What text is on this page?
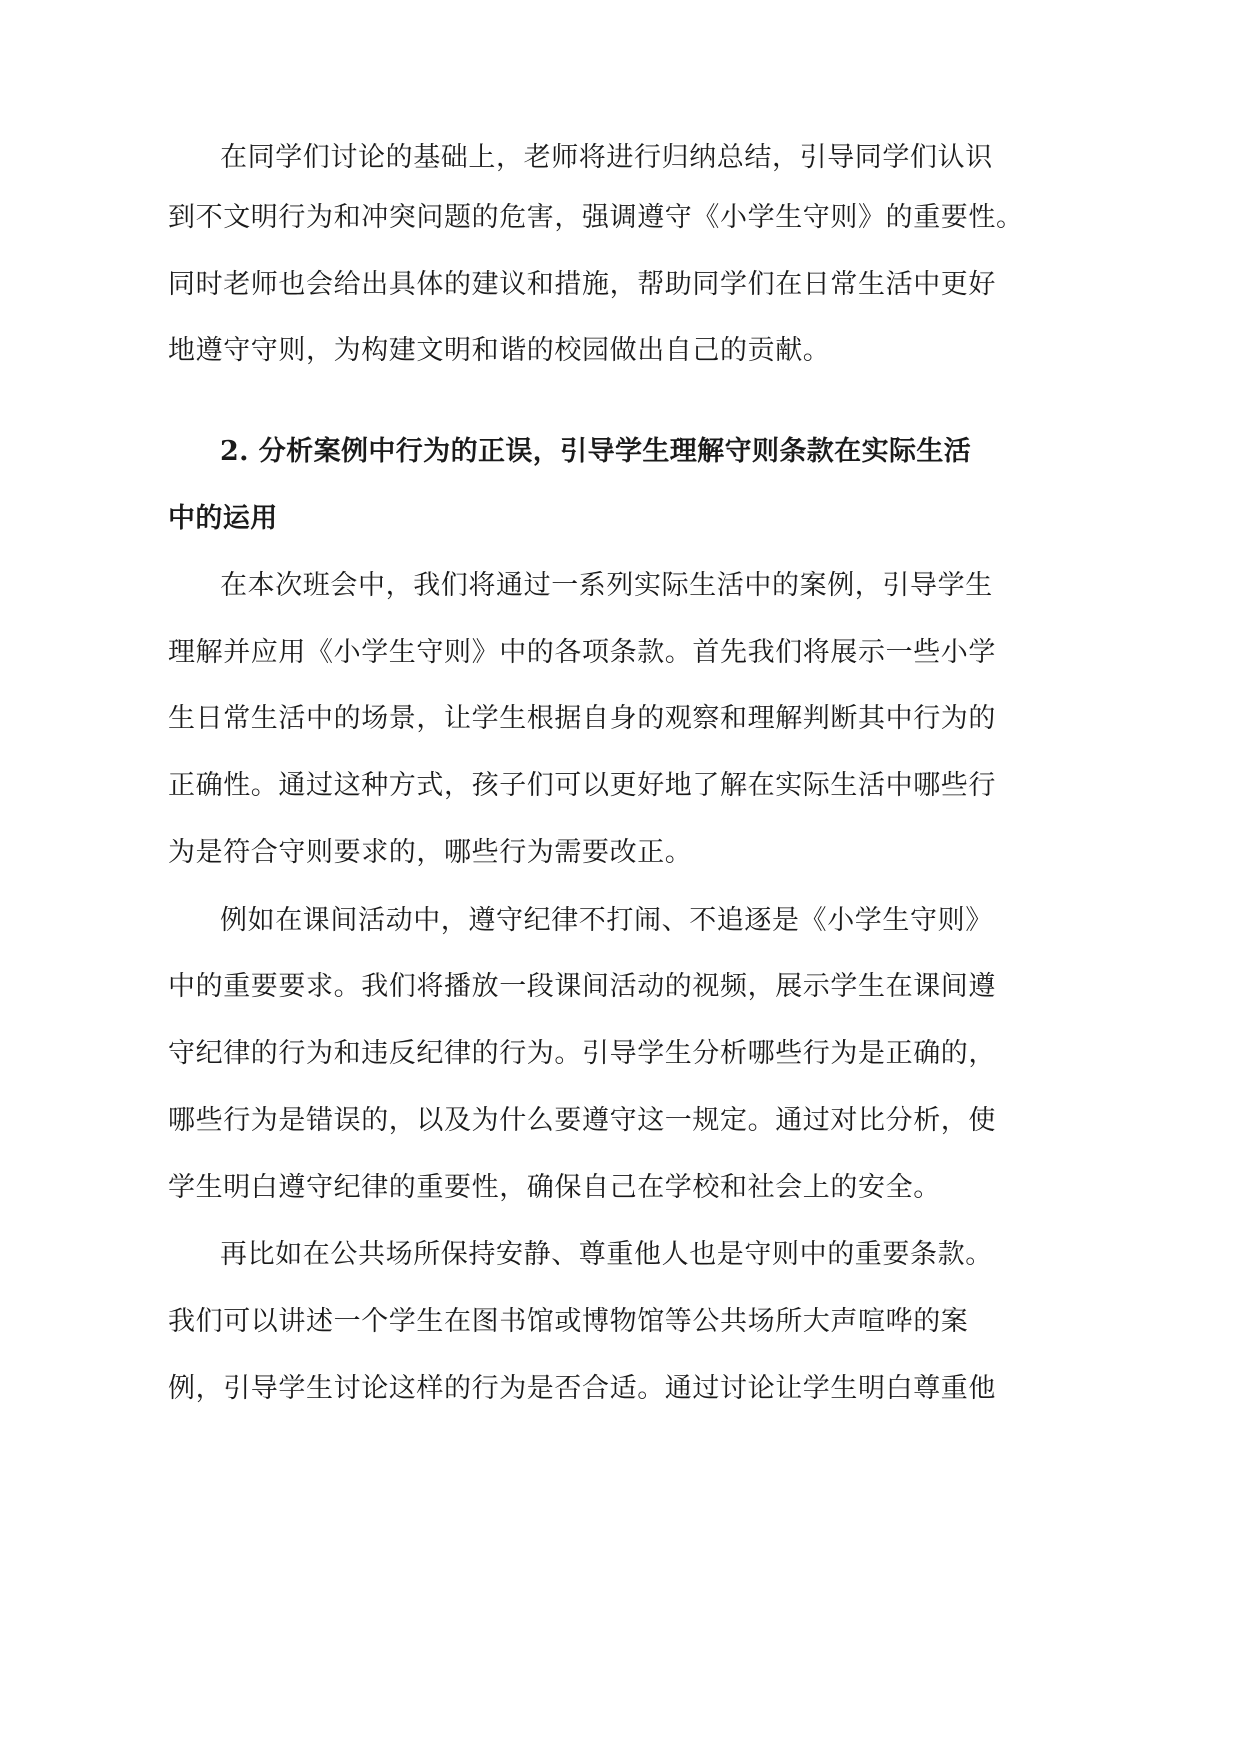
在同学们讨论的基础上，老师将进行归纳总结，引导同学们认识
到不文明行为和冲突问题的危害，强调遵守《小学生守则》的重要性。
同时老师也会给出具体的建议和措施，帮助同学们在日常生活中更好
地遵守守则，为构建文明和谐的校园做出自己的贡献。
2. 分析案例中行为的正误，引导学生理解守则条款在实际生活
中的运用
在本次班会中，我们将通过一系列实际生活中的案例，引导学生
理解并应用《小学生守则》中的各项条款。首先我们将展示一些小学
生日常生活中的场景，让学生根据自身的观察和理解判断其中行为的
正确性。通过这种方式，孩子们可以更好地了解在实际生活中哪些行
为是符合守则要求的，哪些行为需要改正。
例如在课间活动中，遵守纪律不打闹、不追逐是《小学生守则》
中的重要要求。我们将播放一段课间活动的视频，展示学生在课间遵
守纪律的行为和违反纪律的行为。引导学生分析哪些行为是正确的，
哪些行为是错误的，以及为什么要遵守这一规定。通过对比分析，使
学生明白遵守纪律的重要性，确保自己在学校和社会上的安全。
再比如在公共场所保持安静、尊重他人也是守则中的重要条款。
我们可以讲述一个学生在图书馆或博物馆等公共场所大声喧哗的案
例，引导学生讨论这样的行为是否合适。通过讨论让学生明白尊重他
